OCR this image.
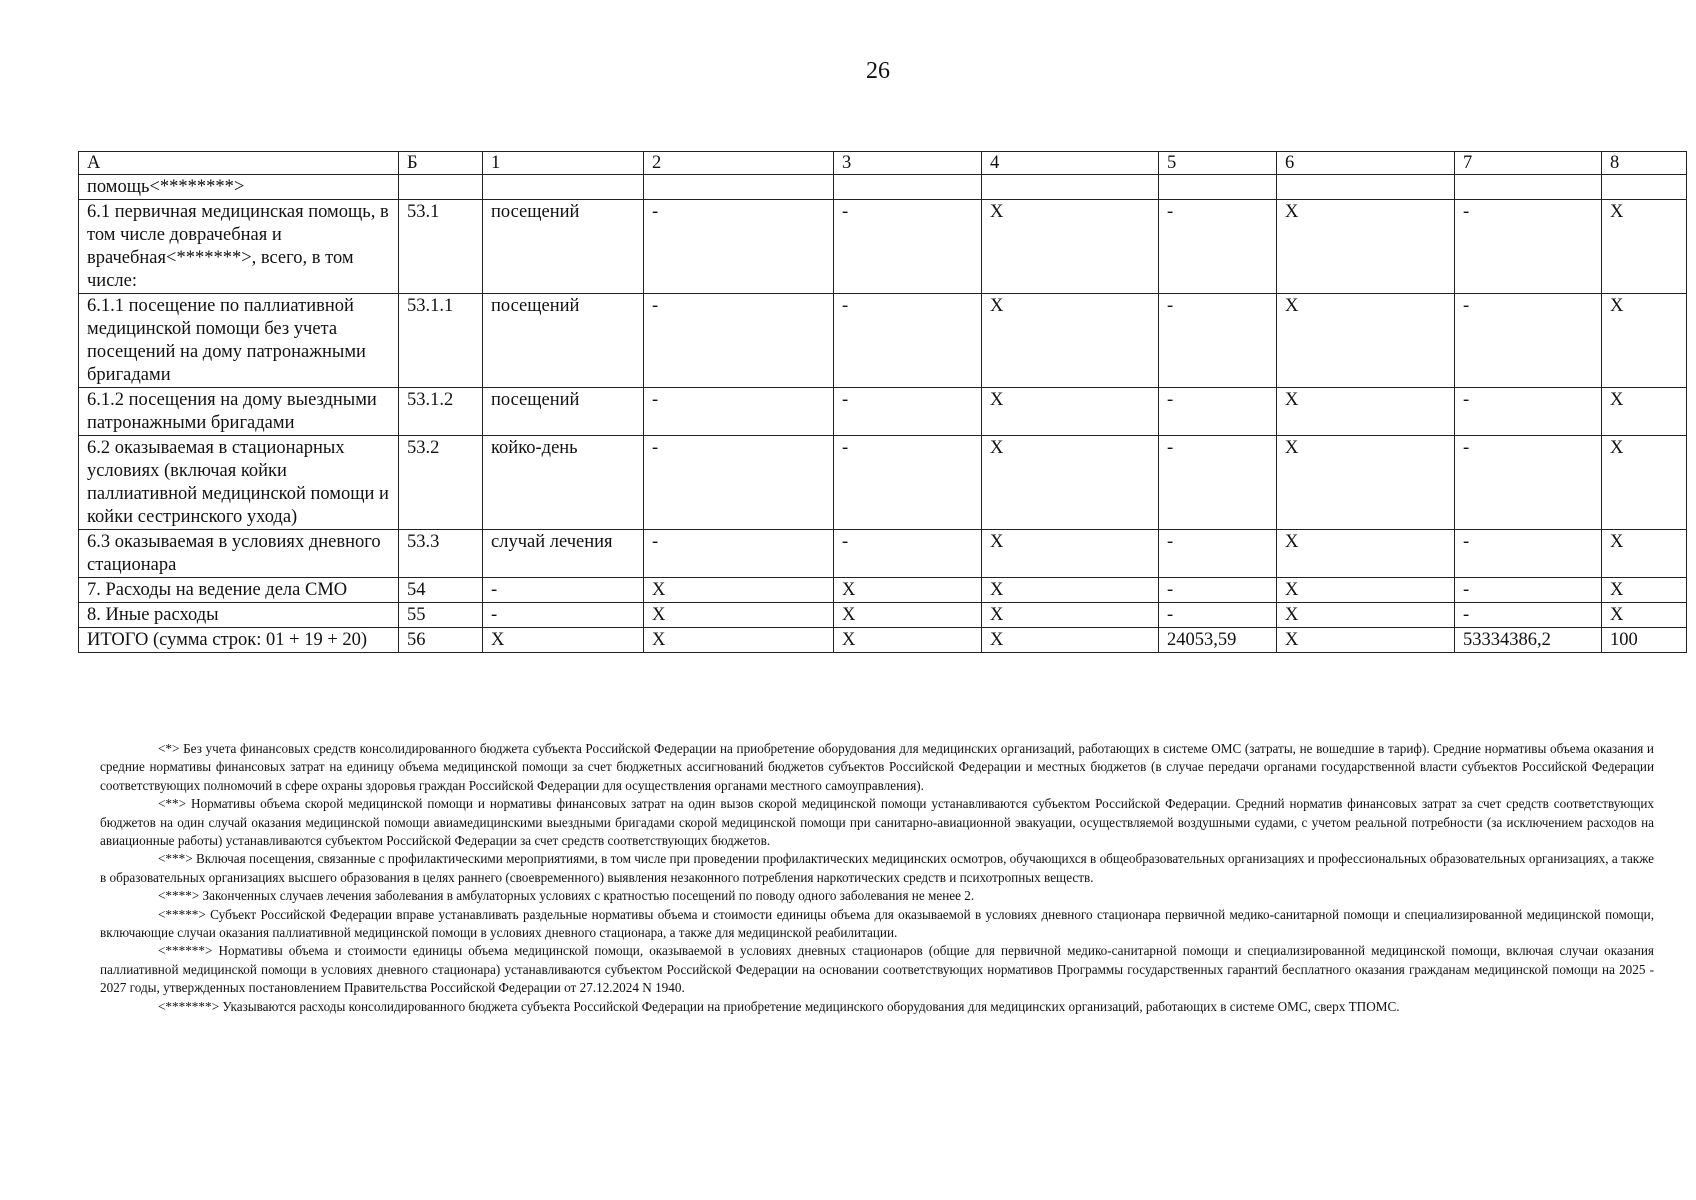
26
А	Б	1	2	3	4	5	6	7	8
помощь<********>									
6.1 первичная медицинская помощь, в том числе доврачебная и врачебная<*******>, всего, в том числе:	53.1	посещений	-	-	Х	-	Х	-	Х
6.1.1 посещение по паллиативной медицинской помощи без учета посещений на дому патронажными бригадами	53.1.1	посещений	-	-	Х	-	Х	-	Х
6.1.2 посещения на дому выездными патронажными бригадами	53.1.2	посещений	-	-	Х	-	Х	-	Х
6.2 оказываемая в стационарных условиях (включая койки паллиативной медицинской помощи и койки сестринского ухода)	53.2	койко-день	-	-	Х	-	Х	-	Х
6.3 оказываемая в условиях дневного стационара	53.3	случай лечения	-	-	Х	-	Х	-	Х
7. Расходы на ведение дела СМО	54	-	Х	Х	Х	-	Х	-	Х
8. Иные расходы	55	-	Х	Х	Х	-	Х	-	Х
ИТОГО (сумма строк: 01 + 19 + 20)	56	Х	Х	Х	Х	24053,59	Х	53334386,2	100

<*> Без учета финансовых средств консолидированного бюджета субъекта Российской Федерации на приобретение оборудования для медицинских организаций, работающих в системе ОМС (затраты, не вошедшие в тариф). Средние нормативы объема оказания и средние нормативы финансовых затрат на единицу объема медицинской помощи за счет бюджетных ассигнований бюджетов субъектов Российской Федерации и местных бюджетов (в случае передачи органами государственной власти субъектов Российской Федерации соответствующих полномочий в сфере охраны здоровья граждан Российской Федерации для осуществления органами местного самоуправления).

<**> Нормативы объема скорой медицинской помощи и нормативы финансовых затрат на один вызов скорой медицинской помощи устанавливаются субъектом Российской Федерации. Средний норматив финансовых затрат за счет средств соответствующих бюджетов на один случай оказания медицинской помощи авиамедицинскими выездными бригадами скорой медицинской помощи при санитарно-авиационной эвакуации, осуществляемой воздушными судами, с учетом реальной потребности (за исключением расходов на авиационные работы) устанавливаются субъектом Российской Федерации за счет средств соответствующих бюджетов.

<***> Включая посещения, связанные с профилактическими мероприятиями, в том числе при проведении профилактических медицинских осмотров, обучающихся в общеобразовательных организациях и профессиональных образовательных организациях, а также в образовательных организациях высшего образования в целях раннего (своевременного) выявления незаконного потребления наркотических средств и психотропных веществ.

<****> Законченных случаев лечения заболевания в амбулаторных условиях с кратностью посещений по поводу одного заболевания не менее 2.

<*****> Субъект Российской Федерации вправе устанавливать раздельные нормативы объема и стоимости единицы объема для оказываемой в условиях дневного стационара первичной медико-санитарной помощи и специализированной медицинской помощи, включающие случаи оказания паллиативной медицинской помощи в условиях дневного стационара, а также для медицинской реабилитации.

<******> Нормативы объема и стоимости единицы объема медицинской помощи, оказываемой в условиях дневных стационаров (общие для первичной медико-санитарной помощи и специализированной медицинской помощи, включая случаи оказания паллиативной медицинской помощи в условиях дневного стационара) устанавливаются субъектом Российской Федерации на основании соответствующих нормативов Программы государственных гарантий бесплатного оказания гражданам медицинской помощи на 2025 - 2027 годы, утвержденных постановлением Правительства Российской Федерации от 27.12.2024 N 1940.

<*******> Указываются расходы консолидированного бюджета субъекта Российской Федерации на приобретение медицинского оборудования для медицинских организаций, работающих в системе ОМС, сверх ТПОМС.
